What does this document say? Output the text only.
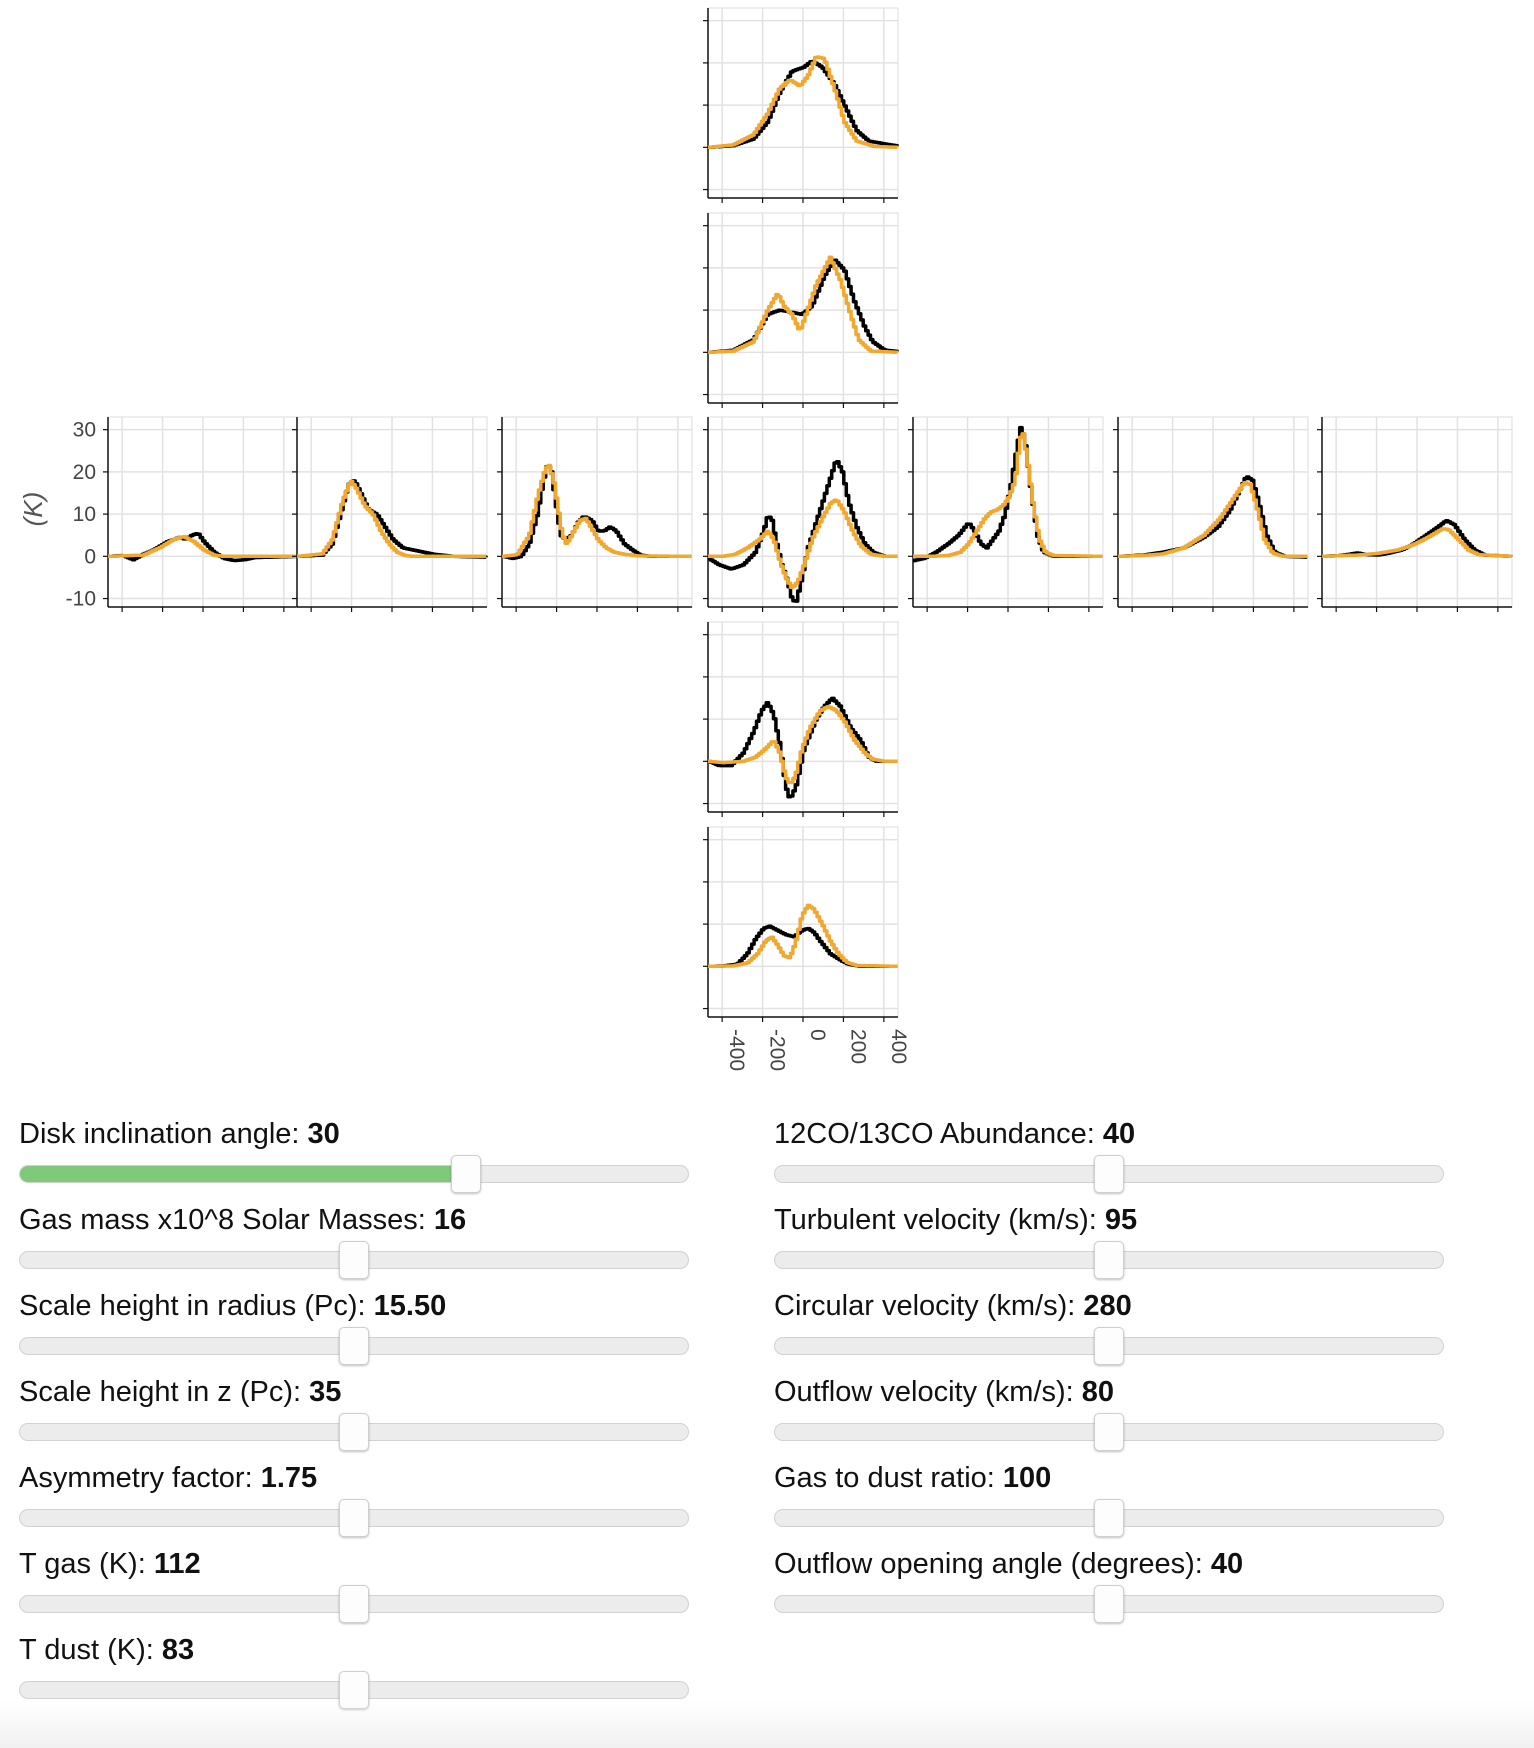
-10
0
10
20
30
(K)
-400 -200 0 200 400
Disk inclination angle: 30
Gas mass x10^8 Solar Masses: 16
Scale height in radius (Pc): 15.50
Scale height in z (Pc): 35
Asymmetry factor: 1.75
T gas (K): 112
T dust (K): 83
12CO/13CO Abundance: 40
Turbulent velocity (km/s): 95
Circular velocity (km/s): 280
Outflow velocity (km/s): 80
Gas to dust ratio: 100
Outflow opening angle (degrees): 40
